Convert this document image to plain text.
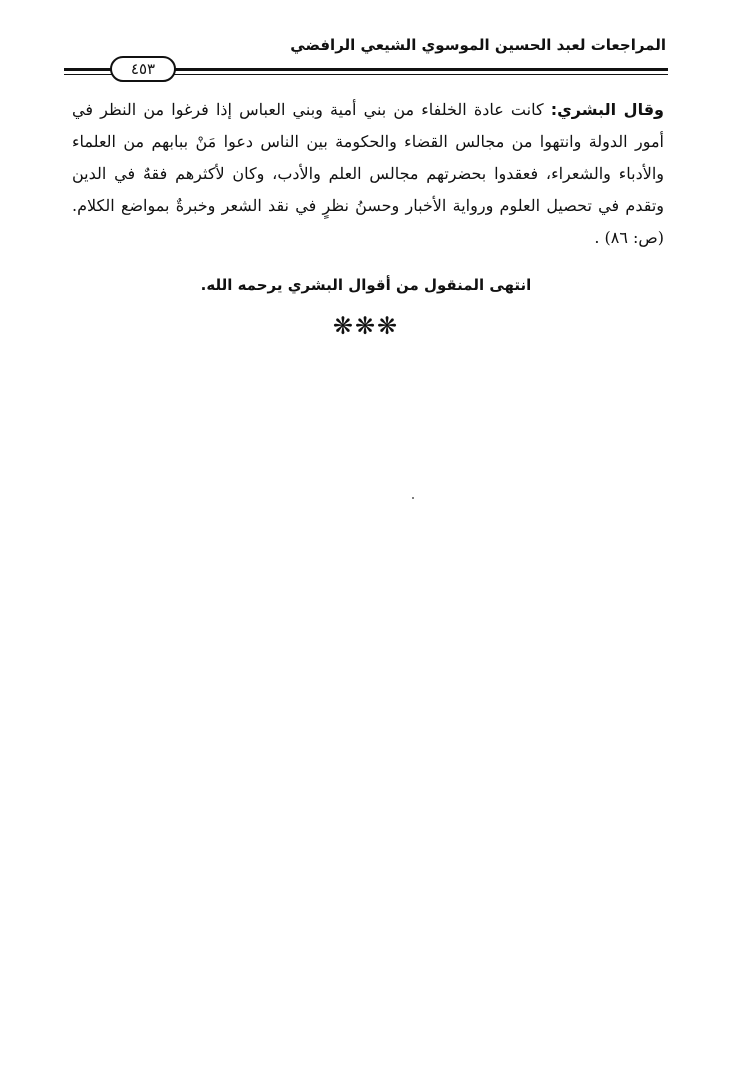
المراجعات لعبد الحسين الموسوي الشيعي الرافضي
٤٥٣
وقال البشري: كانت عادة الخلفاء من بني أمية وبني العباس إذا فرغوا من النظر في أمور الدولة وانتهوا من مجالس القضاء والحكومة بين الناس دعوا مَنْ ببابهم من العلماء والأدباء والشعراء، فعقدوا بحضرتهم مجالس العلم والأدب، وكان لأكثرهم فقهٌ في الدين وتقدم في تحصيل العلوم ورواية الأخبار وحسنُ نظرٍ في نقد الشعر وخبرةٌ بمواضع الكلام. (ص: ٨٦) .
انتهى المنقول من أقوال البشري يرحمه الله.
❋❋❋
